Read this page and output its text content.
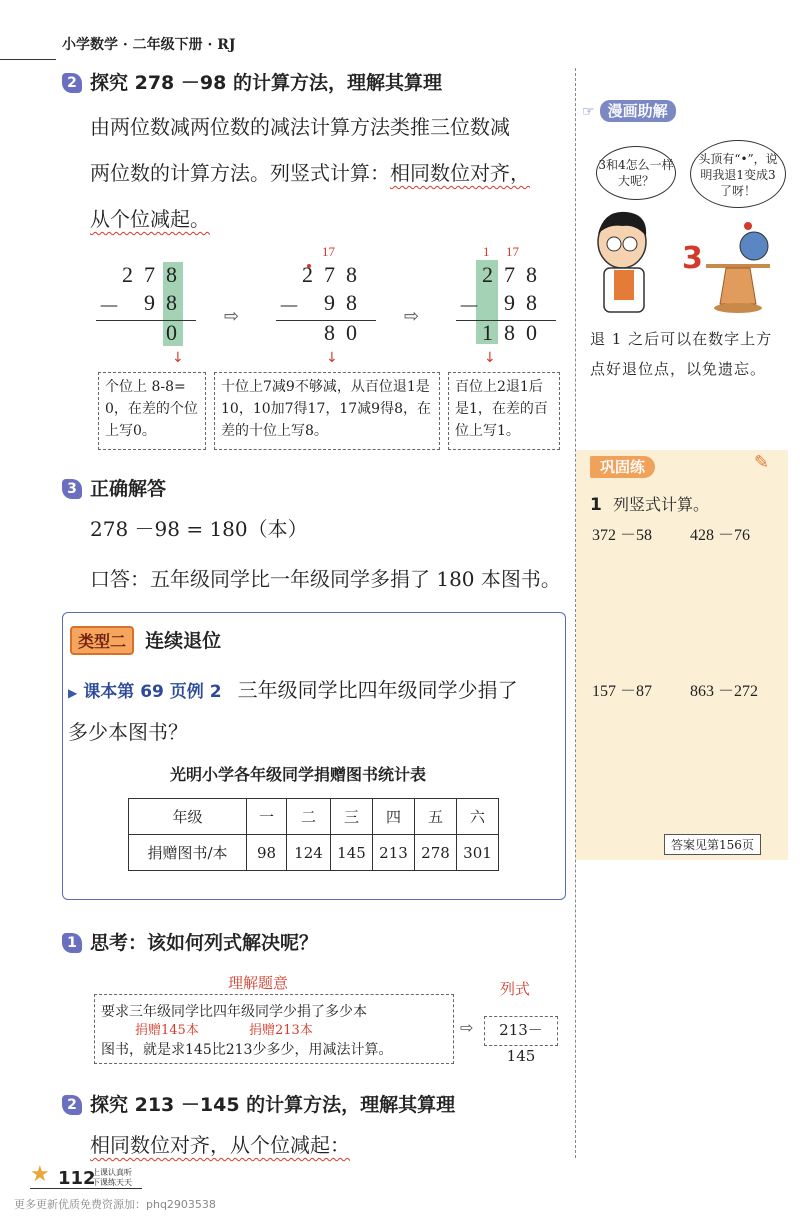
小学数学 · 二年级下册 · RJ
2 探究 278 －98 的计算方法，理解其算理
由两位数减两位数的减法计算方法类推三位数减
两位数的计算方法。列竖式计算：相同数位对齐，
从个位减起。
2 7 8
－ 9 8
0
⇨
17
2 7 8
－ 9 8
8 0
⇨
1 17
2 7 8
－ 9 8
1 8 0
↓	↓	↓
个位上 8-8= 0，在差的个位上写0。
十位上7减9不够减，从百位退1是10，10加7得17，17减9得8，在差的十位上写8。
百位上2退1后是1，在差的百位上写1。
3 正确解答
278 －98 = 180（本）
口答：五年级同学比一年级同学多捐了 180 本图书。
类型二 连续退位
▶ 课本第 69 页例 2 三年级同学比四年级同学少捐了
多少本图书？
光明小学各年级同学捐赠图书统计表
年级	一	二	三	四	五	六
捐赠图书/本	98	124	145	213	278	301
1 思考：该如何列式解决呢？
理解题意	列式
要求三年级同学比四年级同学少捐了多少本
捐赠145本	捐赠213本
图书，就是求145比213少多少，用减法计算。
⇨	213－145
2 探究 213 －145 的计算方法，理解其算理
相同数位对齐，从个位减起：
☞ 漫画助解
3和4怎么一样大呢？
头顶有“•”，说明我退1变成3了呀！
3
退 1 之后可以在数字上方点好退位点，以免遗忘。
巩固练	✎
1 列竖式计算。
372 －58 428 －76
157 －87 863 －272
答案见第156页
★ 112
上课认真听
下课练天天
更多更新优质免费资源加：phq2903538
